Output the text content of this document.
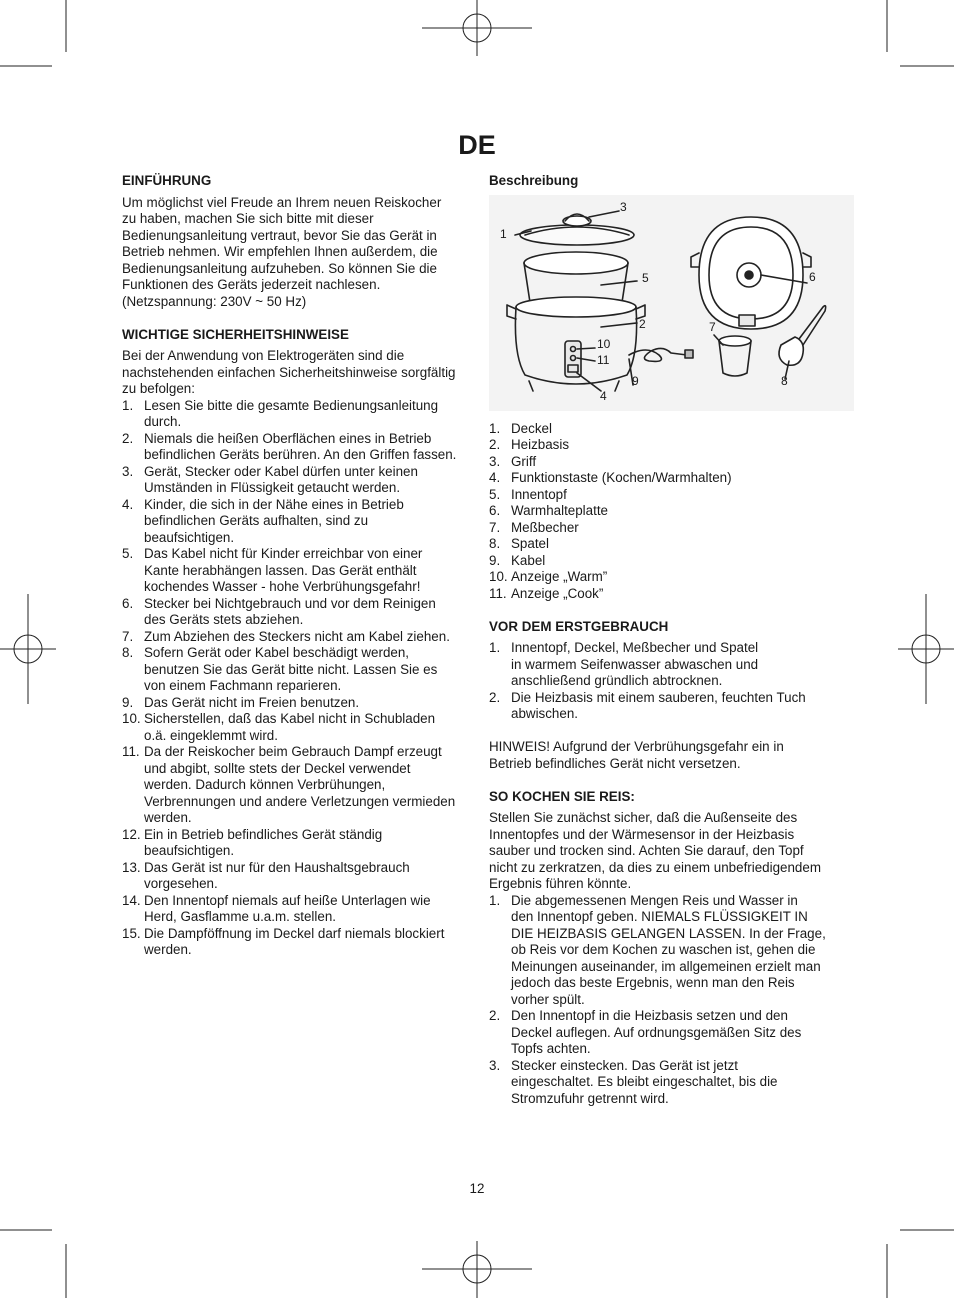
DE
EINFÜHRUNG
Um möglichst viel Freude an Ihrem neuen Reiskocher
zu haben, machen Sie sich bitte mit dieser
Bedienungsanleitung vertraut, bevor Sie das Gerät in
Betrieb nehmen. Wir empfehlen Ihnen außerdem, die
Bedienungsanleitung aufzuheben. So können Sie die
Funktionen des Geräts jederzeit nachlesen.
(Netzspannung: 230V ~ 50 Hz)
WICHTIGE SICHERHEITSHINWEISE
Bei der Anwendung von Elektrogeräten sind die
nachstehenden einfachen Sicherheitshinweise sorgfältig
zu befolgen:
1. Lesen Sie bitte die gesamte Bedienungsanleitung
durch.
2. Niemals die heißen Oberflächen eines in Betrieb
befindlichen Geräts berühren. An den Griffen fassen.
3. Gerät, Stecker oder Kabel dürfen unter keinen
Umständen in Flüssigkeit getaucht werden.
4. Kinder, die sich in der Nähe eines in Betrieb
befindlichen Geräts aufhalten, sind zu
beaufsichtigen.
5. Das Kabel nicht für Kinder erreichbar von einer
Kante herabhängen lassen. Das Gerät enthält
kochendes Wasser - hohe Verbrühungsgefahr!
6. Stecker bei Nichtgebrauch und vor dem Reinigen
des Geräts stets abziehen.
7. Zum Abziehen des Steckers nicht am Kabel ziehen.
8. Sofern Gerät oder Kabel beschädigt werden,
benutzen Sie das Gerät bitte nicht. Lassen Sie es
von einem Fachmann reparieren.
9. Das Gerät nicht im Freien benutzen.
10. Sicherstellen, daß das Kabel nicht in Schubladen
o.ä. eingeklemmt wird.
11. Da der Reiskocher beim Gebrauch Dampf erzeugt
und abgibt, sollte stets der Deckel verwendet
werden. Dadurch können Verbrühungen,
Verbrennungen und andere Verletzungen vermieden
werden.
12. Ein in Betrieb befindliches Gerät ständig
beaufsichtigen.
13. Das Gerät ist nur für den Haushaltsgebrauch
vorgesehen.
14. Den Innentopf niemals auf heiße Unterlagen wie
Herd, Gasflamme u.a.m. stellen.
15. Die Dampföffnung im Deckel darf niemals blockiert
werden.
Beschreibung
1
2
3
4
5	6
7
8
9
10
11
1. Deckel
2. Heizbasis
3. Griff
4. Funktionstaste (Kochen/Warmhalten)
5. Innentopf
6. Warmhalteplatte
7. Meßbecher
8. Spatel
9. Kabel
10. Anzeige „Warm”
11. Anzeige „Cook”
VOR DEM ERSTGEBRAUCH
1. Innentopf, Deckel, Meßbecher und Spatel
in warmem Seifenwasser abwaschen und
anschließend gründlich abtrocknen.
2. Die Heizbasis mit einem sauberen, feuchten Tuch
abwischen.
HINWEIS! Aufgrund der Verbrühungsgefahr ein in
Betrieb befindliches Gerät nicht versetzen.
SO KOCHEN SIE REIS:
Stellen Sie zunächst sicher, daß die Außenseite des
Innentopfes und der Wärmesensor in der Heizbasis
sauber und trocken sind. Achten Sie darauf, den Topf
nicht zu zerkratzen, da dies zu einem unbefriedigendem
Ergebnis führen könnte.
1. Die abgemessenen Mengen Reis und Wasser in
den Innentopf geben. NIEMALS FLÜSSIGKEIT IN
DIE HEIZBASIS GELANGEN LASSEN. In der Frage,
ob Reis vor dem Kochen zu waschen ist, gehen die
Meinungen auseinander, im allgemeinen erzielt man
jedoch das beste Ergebnis, wenn man den Reis
vorher spült.
2. Den Innentopf in die Heizbasis setzen und den
Deckel auflegen. Auf ordnungsgemäßen Sitz des
Topfs achten.
3. Stecker einstecken. Das Gerät ist jetzt
eingeschaltet. Es bleibt eingeschaltet, bis die
Stromzufuhr getrennt wird.
12
